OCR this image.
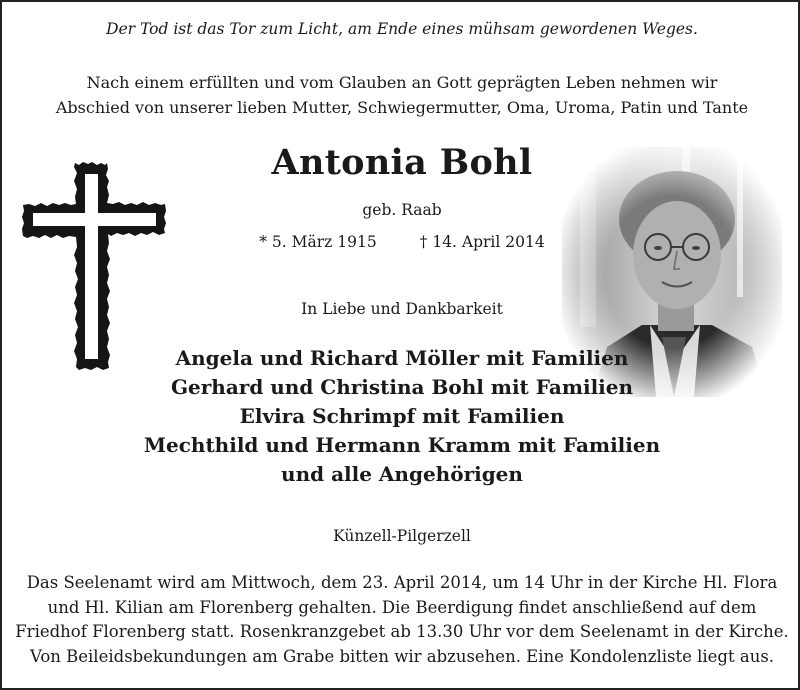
Der Tod ist das Tor zum Licht, am Ende eines mühsam gewordenen Weges.
Nach einem erfüllten und vom Glauben an Gott geprägten Leben nehmen wir
Abschied von unserer lieben Mutter, Schwiegermutter, Oma, Uroma, Patin und Tante
Antonia Bohl
geb. Raab
* 5. März 1915	† 14. April 2014
In Liebe und Dankbarkeit
Angela und Richard Möller mit Familien
Gerhard und Christina Bohl mit Familien
Elvira Schrimpf mit Familien
Mechthild und Hermann Kramm mit Familien
und alle Angehörigen
Künzell-Pilgerzell
Das Seelenamt wird am Mittwoch, dem 23. April 2014, um 14 Uhr in der Kirche Hl. Flora
und Hl. Kilian am Florenberg gehalten. Die Beerdigung findet anschließend auf dem
Friedhof Florenberg statt. Rosenkranzgebet ab 13.30 Uhr vor dem Seelenamt in der Kirche.
Von Beileidsbekundungen am Grabe bitten wir abzusehen. Eine Kondolenzliste liegt aus.
